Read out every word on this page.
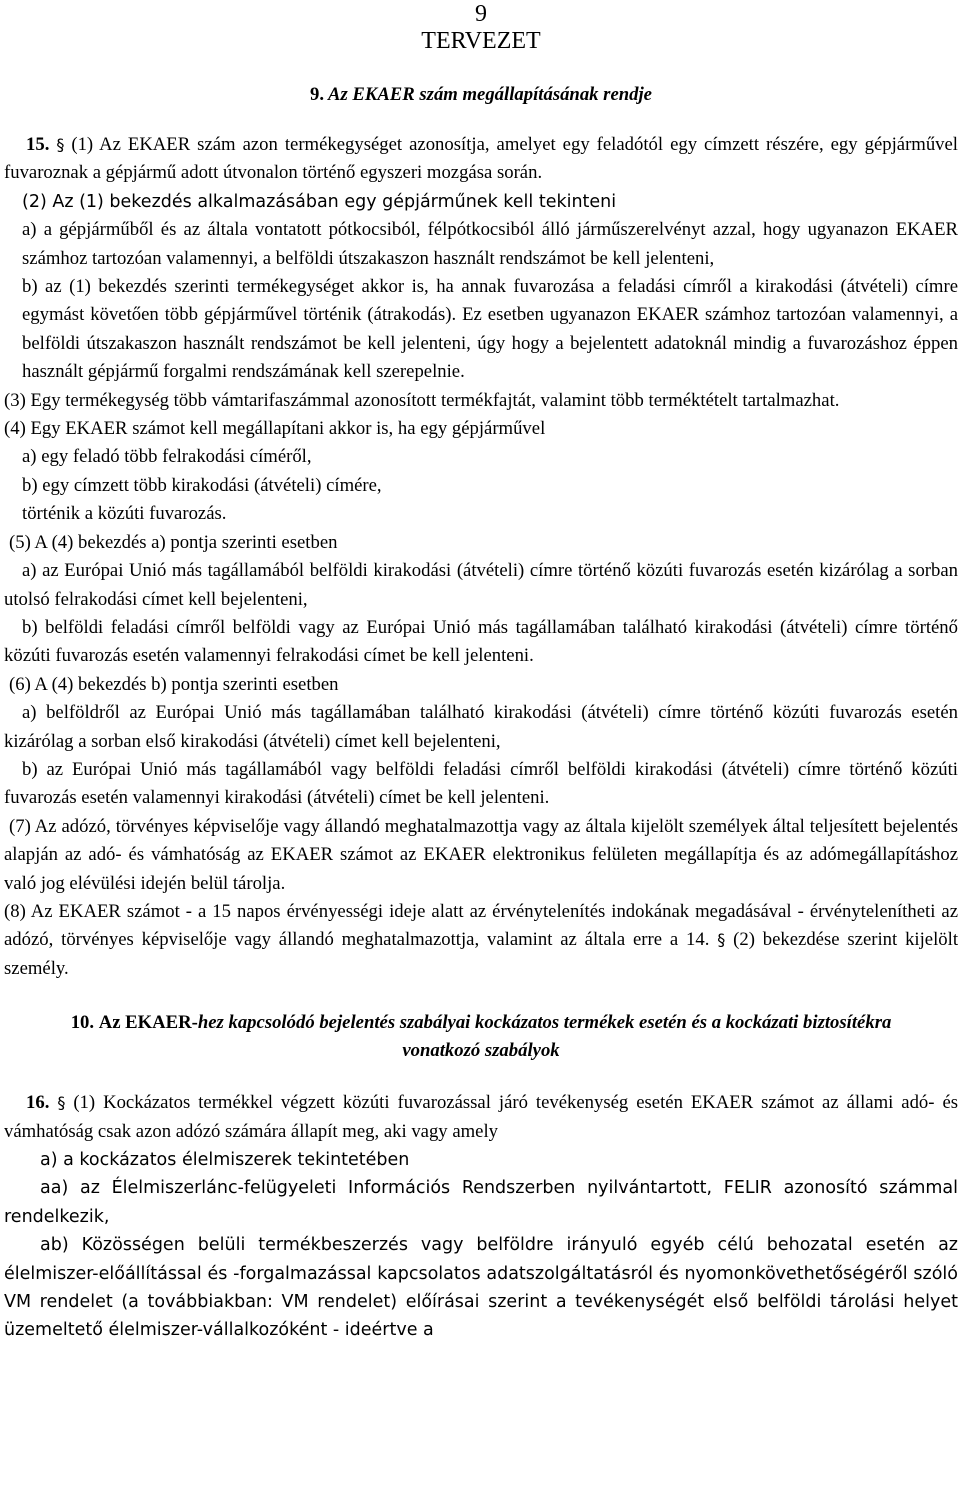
9
TERVEZET
9. Az EKAER szám megállapításának rendje

15. § (1) Az EKAER szám azon termékegységet azonosítja, amelyet egy feladótól egy címzett részére, egy gépjárművel fuvaroznak a gépjármű adott útvonalon történő egyszeri mozgása során.

(2) Az (1) bekezdés alkalmazásában egy gépjárműnek kell tekinteni

a) a gépjárműből és az általa vontatott pótkocsiból, félpótkocsiból álló járműszerelvényt azzal, hogy ugyanazon EKAER számhoz tartozóan valamennyi, a belföldi útszakaszon használt rendszámot be kell jelenteni,

b) az (1) bekezdés szerinti termékegységet akkor is, ha annak fuvarozása a feladási címről a kirakodási (átvételi) címre egymást követően több gépjárművel történik (átrakodás). Ez esetben ugyanazon EKAER számhoz tartozóan valamennyi, a belföldi útszakaszon használt rendszámot be kell jelenteni, úgy hogy a bejelentett adatoknál mindig a fuvarozáshoz éppen használt gépjármű forgalmi rendszámának kell szerepelnie.

(3) Egy termékegység több vámtarifaszámmal azonosított termékfajtát, valamint több terméktételt tartalmazhat.

(4) Egy EKAER számot kell megállapítani akkor is, ha egy gépjárművel

a) egy feladó több felrakodási címéről,

b) egy címzett több kirakodási (átvételi) címére,

történik a közúti fuvarozás.

(5) A (4) bekezdés a) pontja szerinti esetben

a) az Európai Unió más tagállamából belföldi kirakodási (átvételi) címre történő közúti fuvarozás esetén kizárólag a sorban utolsó felrakodási címet kell bejelenteni,

b) belföldi feladási címről belföldi vagy az Európai Unió más tagállamában található kirakodási (átvételi) címre történő közúti fuvarozás esetén valamennyi felrakodási címet be kell jelenteni.

(6) A (4) bekezdés b) pontja szerinti esetben

a) belföldről az Európai Unió más tagállamában található kirakodási (átvételi) címre történő közúti fuvarozás esetén kizárólag a sorban első kirakodási (átvételi) címet kell bejelenteni,

b) az Európai Unió más tagállamából vagy belföldi feladási címről belföldi kirakodási (átvételi) címre történő közúti fuvarozás esetén valamennyi kirakodási (átvételi) címet be kell jelenteni.

(7) Az adózó, törvényes képviselője vagy állandó meghatalmazottja vagy az általa kijelölt személyek által teljesített bejelentés alapján az adó- és vámhatóság az EKAER számot az EKAER elektronikus felületen megállapítja és az adómegállapításhoz való jog elévülési idején belül tárolja.

(8) Az EKAER számot - a 15 napos érvényességi ideje alatt az érvénytelenítés indokának megadásával - érvénytelenítheti az adózó, törvényes képviselője vagy állandó meghatalmazottja, valamint az általa erre a 14. § (2) bekezdése szerint kijelölt személy.

10. Az EKAER-hez kapcsolódó bejelentés szabályai kockázatos termékek esetén és a kockázati biztosítékra vonatkozó szabályok

16. § (1) Kockázatos termékkel végzett közúti fuvarozással járó tevékenység esetén EKAER számot az állami adó- és vámhatóság csak azon adózó számára állapít meg, aki vagy amely

a) a kockázatos élelmiszerek tekintetében

aa) az Élelmiszerlánc-felügyeleti Információs Rendszerben nyilvántartott, FELIR azonosító számmal rendelkezik,

ab) Közösségen belüli termékbeszerzés vagy belföldre irányuló egyéb célú behozatal esetén az élelmiszer-előállítással és -forgalmazással kapcsolatos adatszolgáltatásról és nyomonkövethetőségéről szóló VM rendelet (a továbbiakban: VM rendelet) előírásai szerint a tevékenységét első belföldi tárolási helyet üzemeltető élelmiszer-vállalkozóként - ideértve a
